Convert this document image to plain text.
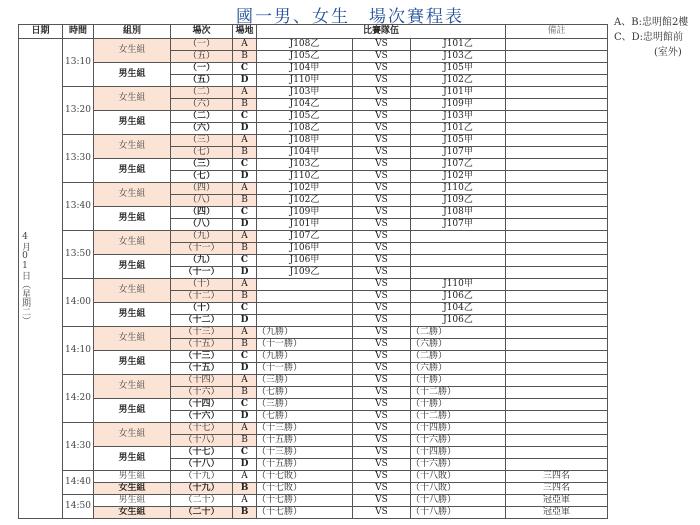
國一男、女生　場次賽程表	A、B:忠明館2樓
C、D:忠明館前
(室外)
日期	時間	組別	場次	場地	比賽隊伍			備註

4月01日（星期二）	13:10	女生組	（一）	A	J108乙	VS	J101乙	
			（五）	B	J105乙	VS	J103乙	
		男生組	（一）	C	J104甲	VS	J105甲	
			（五）	D	J110甲	VS	J102乙	
	13:20	女生組	（二）	A	J103甲	VS	J101甲	
			（六）	B	J104乙	VS	J109甲	
		男生組	（二）	C	J105乙	VS	J103甲	
			（六）	D	J108乙	VS	J101乙	
	13:30	女生組	（三）	A	J108甲	VS	J105甲	
			（七）	B	J104甲	VS	J107甲	
		男生組	（三）	C	J103乙	VS	J107乙	
			（七）	D	J110乙	VS	J102甲	
	13:40	女生組	（四）	A	J102甲	VS	J110乙	
			（八）	B	J102乙	VS	J109乙	
		男生組	（四）	C	J109甲	VS	J108甲	
			（八）	D	J101甲	VS	J107甲	
	13:50	女生組	（九）	A	J107乙	VS		
			（十一）	B	J106甲	VS		
		男生組	（九）	C	J106甲	VS		
			（十一）	D	J109乙	VS		
	14:00	女生組	（十）	A		VS	J110甲	
			（十二）	B		VS	J106乙	
		男生組	（十）	C		VS	J104乙	
			（十二）	D		VS	J106乙	
	14:10	女生組	（十三）	A	（九勝）	VS	（二勝）	
			（十五）	B	（十一勝）	VS	（六勝）	
		男生組	（十三）	C	（九勝）	VS	（二勝）	
			（十五）	D	（十一勝）	VS	（六勝）	
	14:20	女生組	（十四）	A	（三勝）	VS	（十勝）	
			（十六）	B	（七勝）	VS	（十二勝）	
		男生組	（十四）	C	（三勝）	VS	（十勝）	
			（十六）	D	（七勝）	VS	（十二勝）	
	14:30	女生組	（十七）	A	（十三勝）	VS	（十四勝）	
			（十八）	B	（十五勝）	VS	（十六勝）	
		男生組	（十七）	C	（十三勝）	VS	（十四勝）	
			（十八）	D	（十五勝）	VS	（十六勝）	
	14:40	男生組	（十九）	A	（十七敗）	VS	（十八敗）	三四名
		女生組	（十九）	B	（十七敗）	VS	（十八敗）	三四名
	14:50	男生組	（二十）	A	（十七勝）	VS	（十八勝）	冠亞軍
		女生組	（二十）	B	（十七勝）	VS	（十八勝）	冠亞軍
